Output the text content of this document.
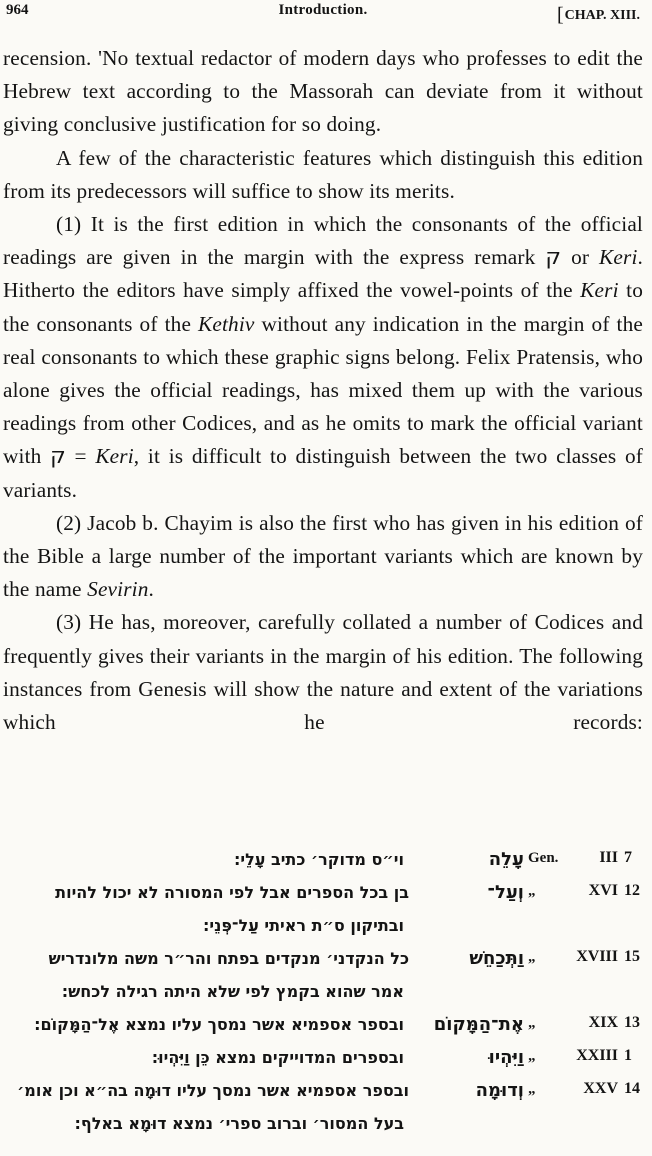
964	Introduction.	[CHAP. XIII.

recension. 'No textual redactor of modern days who professes to edit the Hebrew text according to the Massorah can deviate from it without giving conclusive justification for so doing.

A few of the characteristic features which distinguish this edition from its predecessors will suffice to show its merits.

(1) It is the first edition in which the consonants of the official readings are given in the margin with the express remark ק or Keri. Hitherto the editors have simply affixed the vowel-points of the Keri to the consonants of the Kethiv without any indication in the margin of the real consonants to which these graphic signs belong. Felix Pratensis, who alone gives the official readings, has mixed them up with the various readings from other Codices, and as he omits to mark the official variant with ק = Keri, it is difficult to distinguish between the two classes of variants.

(2) Jacob b. Chayim is also the first who has given in his edition of the Bible a large number of the important variants which are known by the name Sevirin.

(3) He has, moreover, carefully collated a number of Codices and frequently gives their variants in the margin of his edition. The following instances from Genesis will show the nature and extent of the variations which he records:

וי״ס מדוקר׳ כתיב עָלֵי:	עָלֵה Gen.	III 7
בן בכל הספרים אבל לפי המסורה לא יכול להיות	וְעַל־ „	XVI 12
ובתיקון ס״ת ראיתי עַל־פְּנֵי:
כל הנקדני׳ מנקדים בפתח והר״ר משה מלונדריש	וַתְּכַחֵשׁ „	XVIII 15
אמר שהוא בקמץ לפי שלא היתה רגילה לכחש:
ובספר אספמיא אשר נמסך עליו נמצא אֶל־הַמָּקוֹם:	אֶת־הַמָּקוֹם „	XIX 13
ובספרים המדוייקים נמצא כֵּן וַיִּהְיוּ:	וַיִּהְיוּ „	XXIII 1
ובספר אספמיא אשר נמסך עליו דוּמָה בה״א וכן אומ׳	וְדוּמָה „	XXV 14
בעל המסור׳ וברוב ספרי׳ נמצא דוּמָא באלף:
